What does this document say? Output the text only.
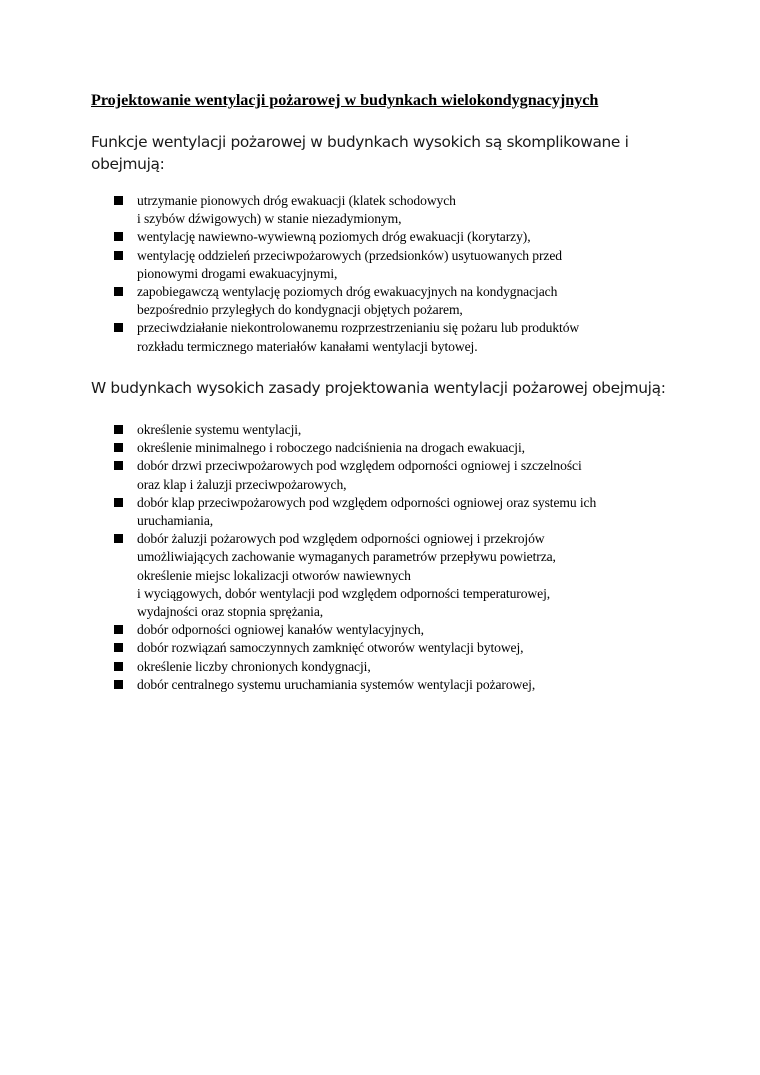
Projektowanie wentylacji pożarowej w budynkach wielokondygnacyjnych

Funkcje wentylacji pożarowej w budynkach wysokich są skomplikowane i obejmują:

utrzymanie pionowych dróg ewakuacji (klatek schodowych
i szybów dźwigowych) w stanie niezadymionym,
wentylację nawiewno-wywiewną poziomych dróg ewakuacji (korytarzy),
wentylację oddzieleń przeciwpożarowych (przedsionków) usytuowanych przed
pionowymi drogami ewakuacyjnymi,
zapobiegawczą wentylację poziomych dróg ewakuacyjnych na kondygnacjach
bezpośrednio przyległych do kondygnacji objętych pożarem,
przeciwdziałanie niekontrolowanemu rozprzestrzenianiu się pożaru lub produktów
rozkładu termicznego materiałów kanałami wentylacji bytowej.

W budynkach wysokich zasady projektowania wentylacji pożarowej obejmują:

określenie systemu wentylacji,
określenie minimalnego i roboczego nadciśnienia na drogach ewakuacji,
dobór drzwi przeciwpożarowych pod względem odporności ogniowej i szczelności
oraz klap i żaluzji przeciwpożarowych,
dobór klap przeciwpożarowych pod względem odporności ogniowej oraz systemu ich
uruchamiania,
dobór żaluzji pożarowych pod względem odporności ogniowej i przekrojów
umożliwiających zachowanie wymaganych parametrów przepływu powietrza,
określenie miejsc lokalizacji otworów nawiewnych
i wyciągowych, dobór wentylacji pod względem odporności temperaturowej,
wydajności oraz stopnia sprężania,
dobór odporności ogniowej kanałów wentylacyjnych,
dobór rozwiązań samoczynnych zamknięć otworów wentylacji bytowej,
określenie liczby chronionych kondygnacji,
dobór centralnego systemu uruchamiania systemów wentylacji pożarowej,
